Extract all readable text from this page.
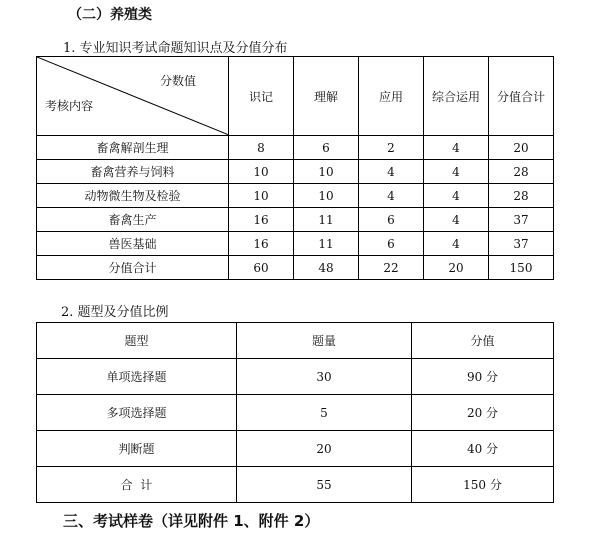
（二）养殖类
1. 专业知识考试命题知识点及分值分布
分数值
考核内容	识记	理解	应用	综合运用	分值合计
畜禽解剖生理	8	6	2	4	20
畜禽营养与饲料	10	10	4	4	28
动物微生物及检验	10	10	4	4	28
畜禽生产	16	11	6	4	37
兽医基础	16	11	6	4	37
分值合计	60	48	22	20	150
2. 题型及分值比例
题型	题量	分值
单项选择题	30	90 分
多项选择题	5	20 分
判断题	20	40 分
合  计	55	150 分
三、考试样卷（详见附件 1、附件 2）
